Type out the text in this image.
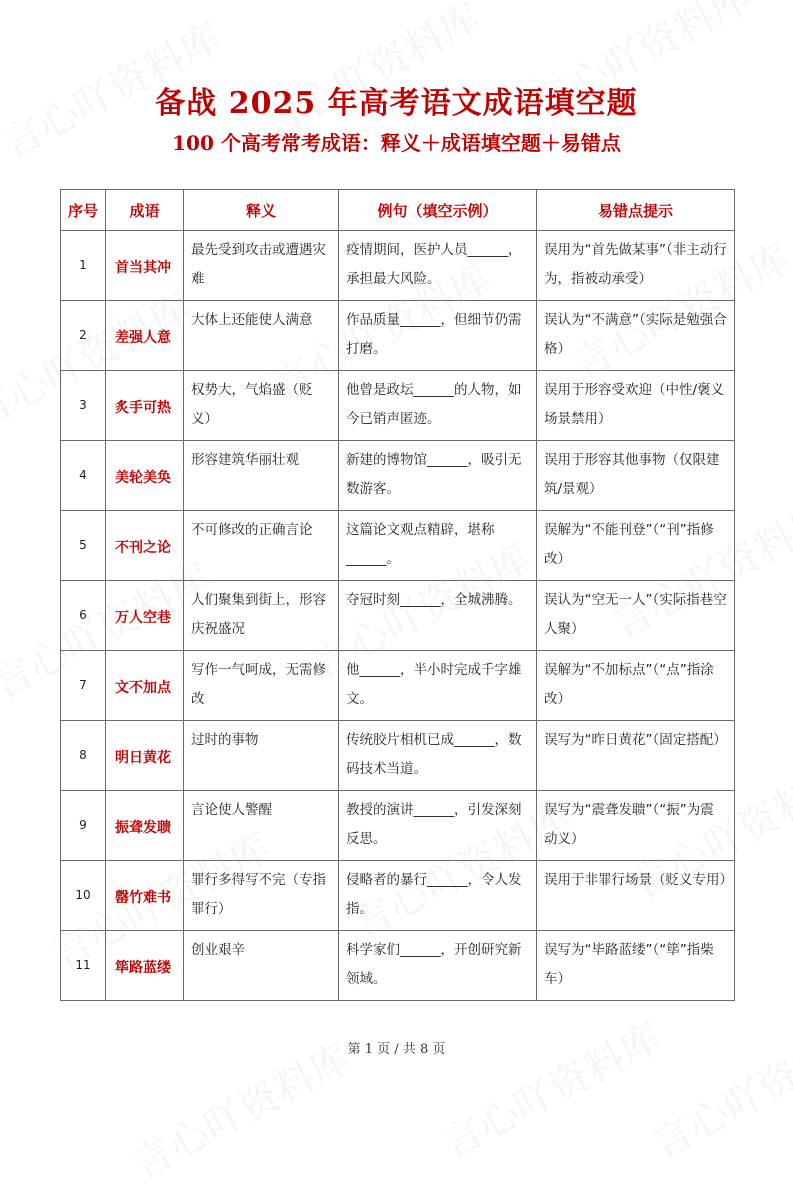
备战 2025 年高考语文成语填空题
100 个高考常考成语：释义＋成语填空题＋易错点
序号	成语	释义	例句（填空示例）	易错点提示
1	首当其冲	最先受到攻击或遭遇灾难	疫情期间，医护人员______，承担最大风险。	误用为“首先做某事”（非主动行为，指被动承受）
2	差强人意	大体上还能使人满意	作品质量______，但细节仍需打磨。	误认为“不满意”（实际是勉强合格）
3	炙手可热	权势大，气焰盛（贬义）	他曾是政坛______的人物，如今已销声匿迹。	误用于形容受欢迎（中性/褒义场景禁用）
4	美轮美奂	形容建筑华丽壮观	新建的博物馆______，吸引无数游客。	误用于形容其他事物（仅限建筑/景观）
5	不刊之论	不可修改的正确言论	这篇论文观点精辟，堪称______。	误解为“不能刊登”（“刊”指修改）
6	万人空巷	人们聚集到街上，形容庆祝盛况	夺冠时刻______，全城沸腾。	误认为“空无一人”（实际指巷空人聚）
7	文不加点	写作一气呵成，无需修改	他______，半小时完成千字雄文。	误解为“不加标点”（“点”指涂改）
8	明日黄花	过时的事物	传统胶片相机已成______，数码技术当道。	误写为“昨日黄花”（固定搭配）
9	振聋发聩	言论使人警醒	教授的演讲______，引发深刻反思。	误写为“震聋发聩”（“振”为震动义）
10	罄竹难书	罪行多得写不完（专指罪行）	侵略者的暴行______，令人发指。	误用于非罪行场景（贬义专用）
11	筚路蓝缕	创业艰辛	科学家们______，开创研究新领域。	误写为“毕路蓝缕”（“筚”指柴车）
第 1 页 / 共 8 页
